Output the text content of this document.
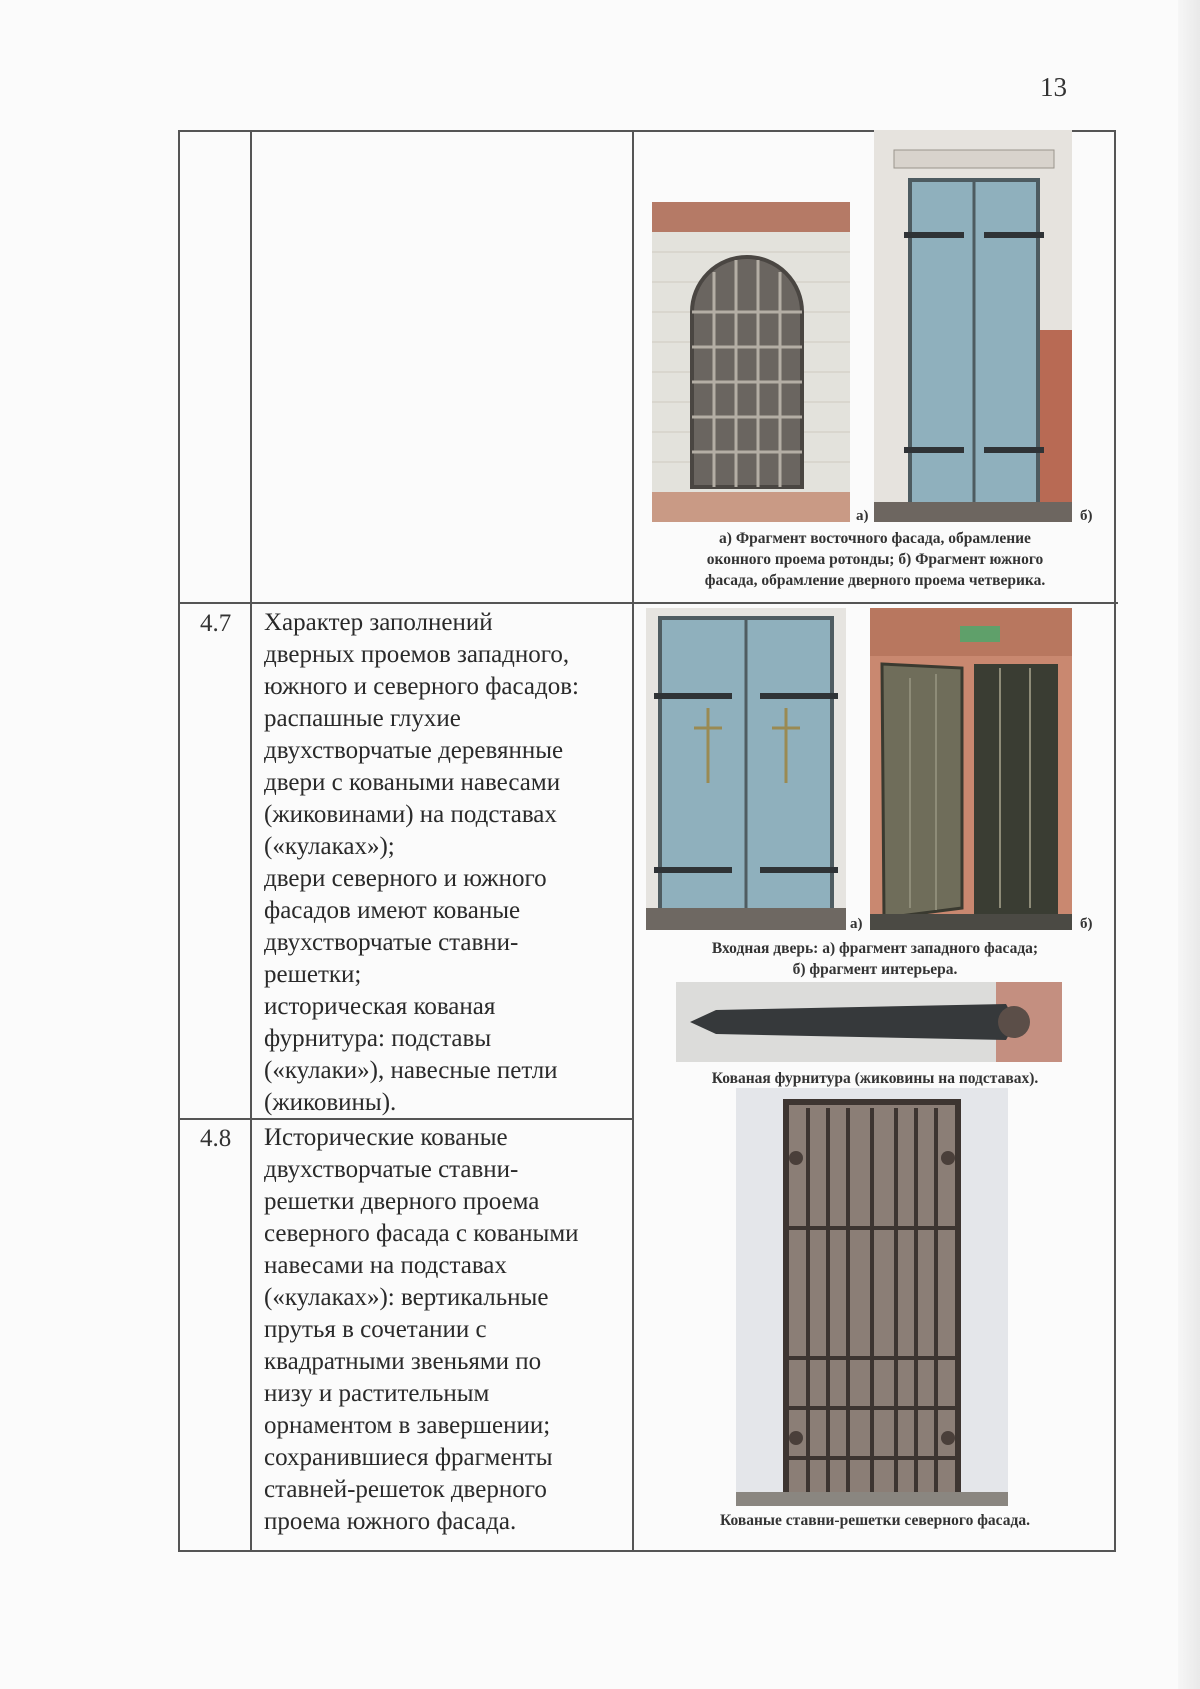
13
4.7 Характер заполнений
дверных проемов западного,
южного и северного фасадов:
распашные глухие
двухстворчатые деревянные
двери с коваными навесами
(жиковинами) на подставах
(«кулаках»);
двери северного и южного
фасадов имеют кованые
двухстворчатые ставни-
решетки;
историческая кованая
фурнитура: подставы
(«кулаки»), навесные петли
(жиковины).
4.8 Исторические кованые
двухстворчатые ставни-
решетки дверного проема
северного фасада с коваными
навесами на подставах
(«кулаках»): вертикальные
прутья в сочетании с
квадратными звеньями по
низу и растительным
орнаментом в завершении;
сохранившиеся фрагменты
ставней-решеток дверного
проема южного фасада.
а)	б)
а) Фрагмент восточного фасада, обрамление
оконного проема ротонды; б) Фрагмент южного
фасада, обрамление дверного проема четверика.
а)	б)
Входная дверь: а) фрагмент западного фасада;
б) фрагмент интерьера.
Кованая фурнитура (жиковины на подставах).
Кованые ставни-решетки северного фасада.
